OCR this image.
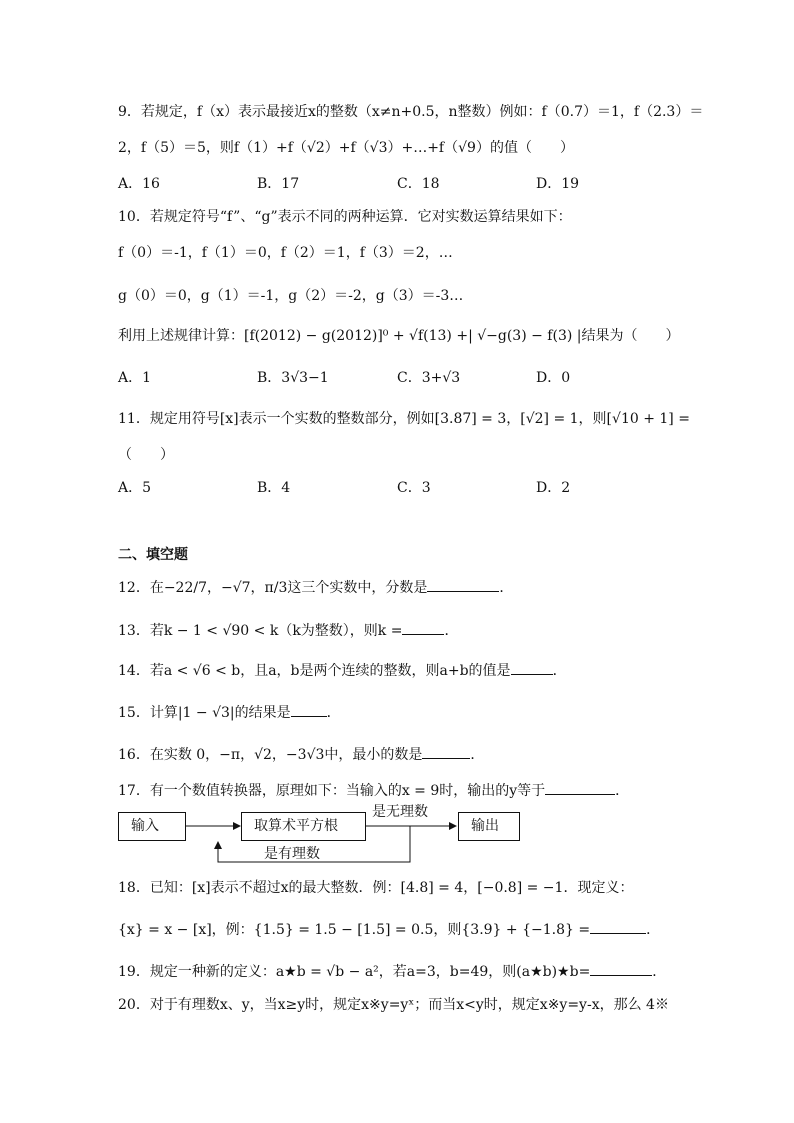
9．若规定，f（x）表示最接近x的整数（x≠n+0.5，n整数）例如：f（0.7）＝1，f（2.3）＝
2，f（5）＝5，则f（1）+f（√2）+f（√3）+…+f（√9）的值（　　）
A．16	B．17	C．18	D．19
10．若规定符号“f”、“g”表示不同的两种运算．它对实数运算结果如下：
f（0）＝-1，f（1）＝0，f（2）＝1，f（3）＝2，…
g（0）＝0，g（1）＝-1，g（2）＝-2，g（3）＝-3…
利用上述规律计算：[f(2012) − g(2012)]⁰ + √f(13) +| √−g(3) − f(3) |结果为（　　）
A．1	B．3√3−1	C．3+√3	D．0
11．规定用符号[x]表示一个实数的整数部分，例如[3.87] = 3，[√2] = 1，则[√10 + 1] =
（　　）
A．5	B．4	C．3	D．2
二、填空题
12．在−22/7，−√7，π/3这三个实数中，分数是	．
13．若k − 1 < √90 < k（k为整数），则k =	．
14．若a < √6 < b，且a，b是两个连续的整数，则a+b的值是	．
15．计算|1 − √3|的结果是	．
16．在实数 0，−π，√2，−3√3中，最小的数是	．
17．有一个数值转换器，原理如下：当输入的x = 9时，输出的y等于	．
输入	取算术平方根	输出
是无理数
是有理数
18．已知：[x]表示不超过x的最大整数．例：[4.8] = 4，[−0.8] = −1．现定义：
{x} = x − [x]，例：{1.5} = 1.5 − [1.5] = 0.5，则{3.9} + {−1.8} =	．
19．规定一种新的定义：a★b = √b − a²，若a=3，b=49，则(a★b)★b=	．
20．对于有理数x、y，当x≥y时，规定x※y=yˣ；而当x<y时，规定x※y=y-x，那么 4※
